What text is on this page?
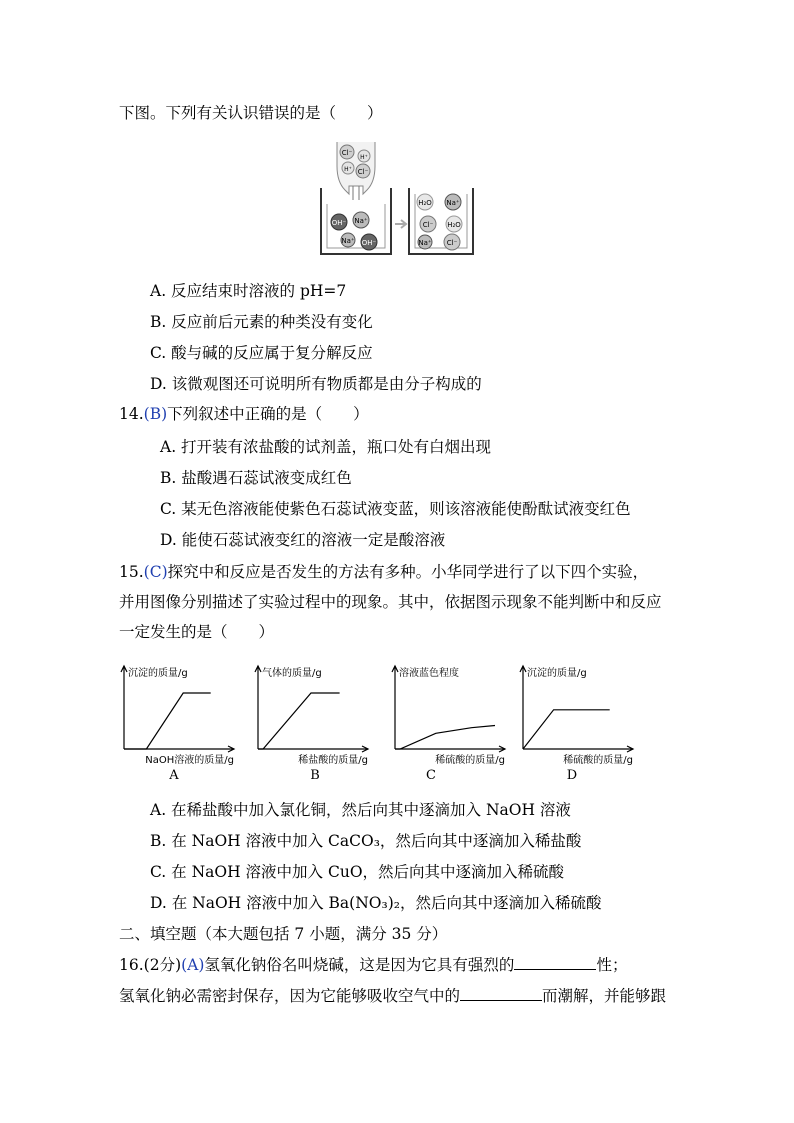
下图。下列有关认识错误的是（　　）
Cl⁻
H⁺
H⁺ Cl⁻
OH⁻ Na⁺
Na⁺ OH⁻
H₂O Na⁺
Cl⁻ H₂O
Na⁺ Cl⁻
A. 反应结束时溶液的 pH=7
B. 反应前后元素的种类没有变化
C. 酸与碱的反应属于复分解反应
D. 该微观图还可说明所有物质都是由分子构成的
14.(B)下列叙述中正确的是（　　）
A. 打开装有浓盐酸的试剂盖，瓶口处有白烟出现
B. 盐酸遇石蕊试液变成红色
C. 某无色溶液能使紫色石蕊试液变蓝，则该溶液能使酚酞试液变红色
D. 能使石蕊试液变红的溶液一定是酸溶液
15.(C)探究中和反应是否发生的方法有多种。小华同学进行了以下四个实验，
并用图像分别描述了实验过程中的现象。其中，依据图示现象不能判断中和反应
一定发生的是（　　）
沉淀的质量/g
NaOH溶液的质量/g
气体的质量/g
稀盐酸的质量/g
溶液蓝色程度
稀硫酸的质量/g
沉淀的质量/g
稀硫酸的质量/g
A	B	C	D
A. 在稀盐酸中加入氯化铜，然后向其中逐滴加入 NaOH 溶液
B. 在 NaOH 溶液中加入 CaCO₃，然后向其中逐滴加入稀盐酸
C. 在 NaOH 溶液中加入 CuO，然后向其中逐滴加入稀硫酸
D. 在 NaOH 溶液中加入 Ba(NO₃)₂，然后向其中逐滴加入稀硫酸
二、填空题（本大题包括 7 小题，满分 35 分）
16.(2分)(A)氢氧化钠俗名叫烧碱，这是因为它具有强烈的	性；
氢氧化钠必需密封保存，因为它能够吸收空气中的	而潮解，并能够跟
